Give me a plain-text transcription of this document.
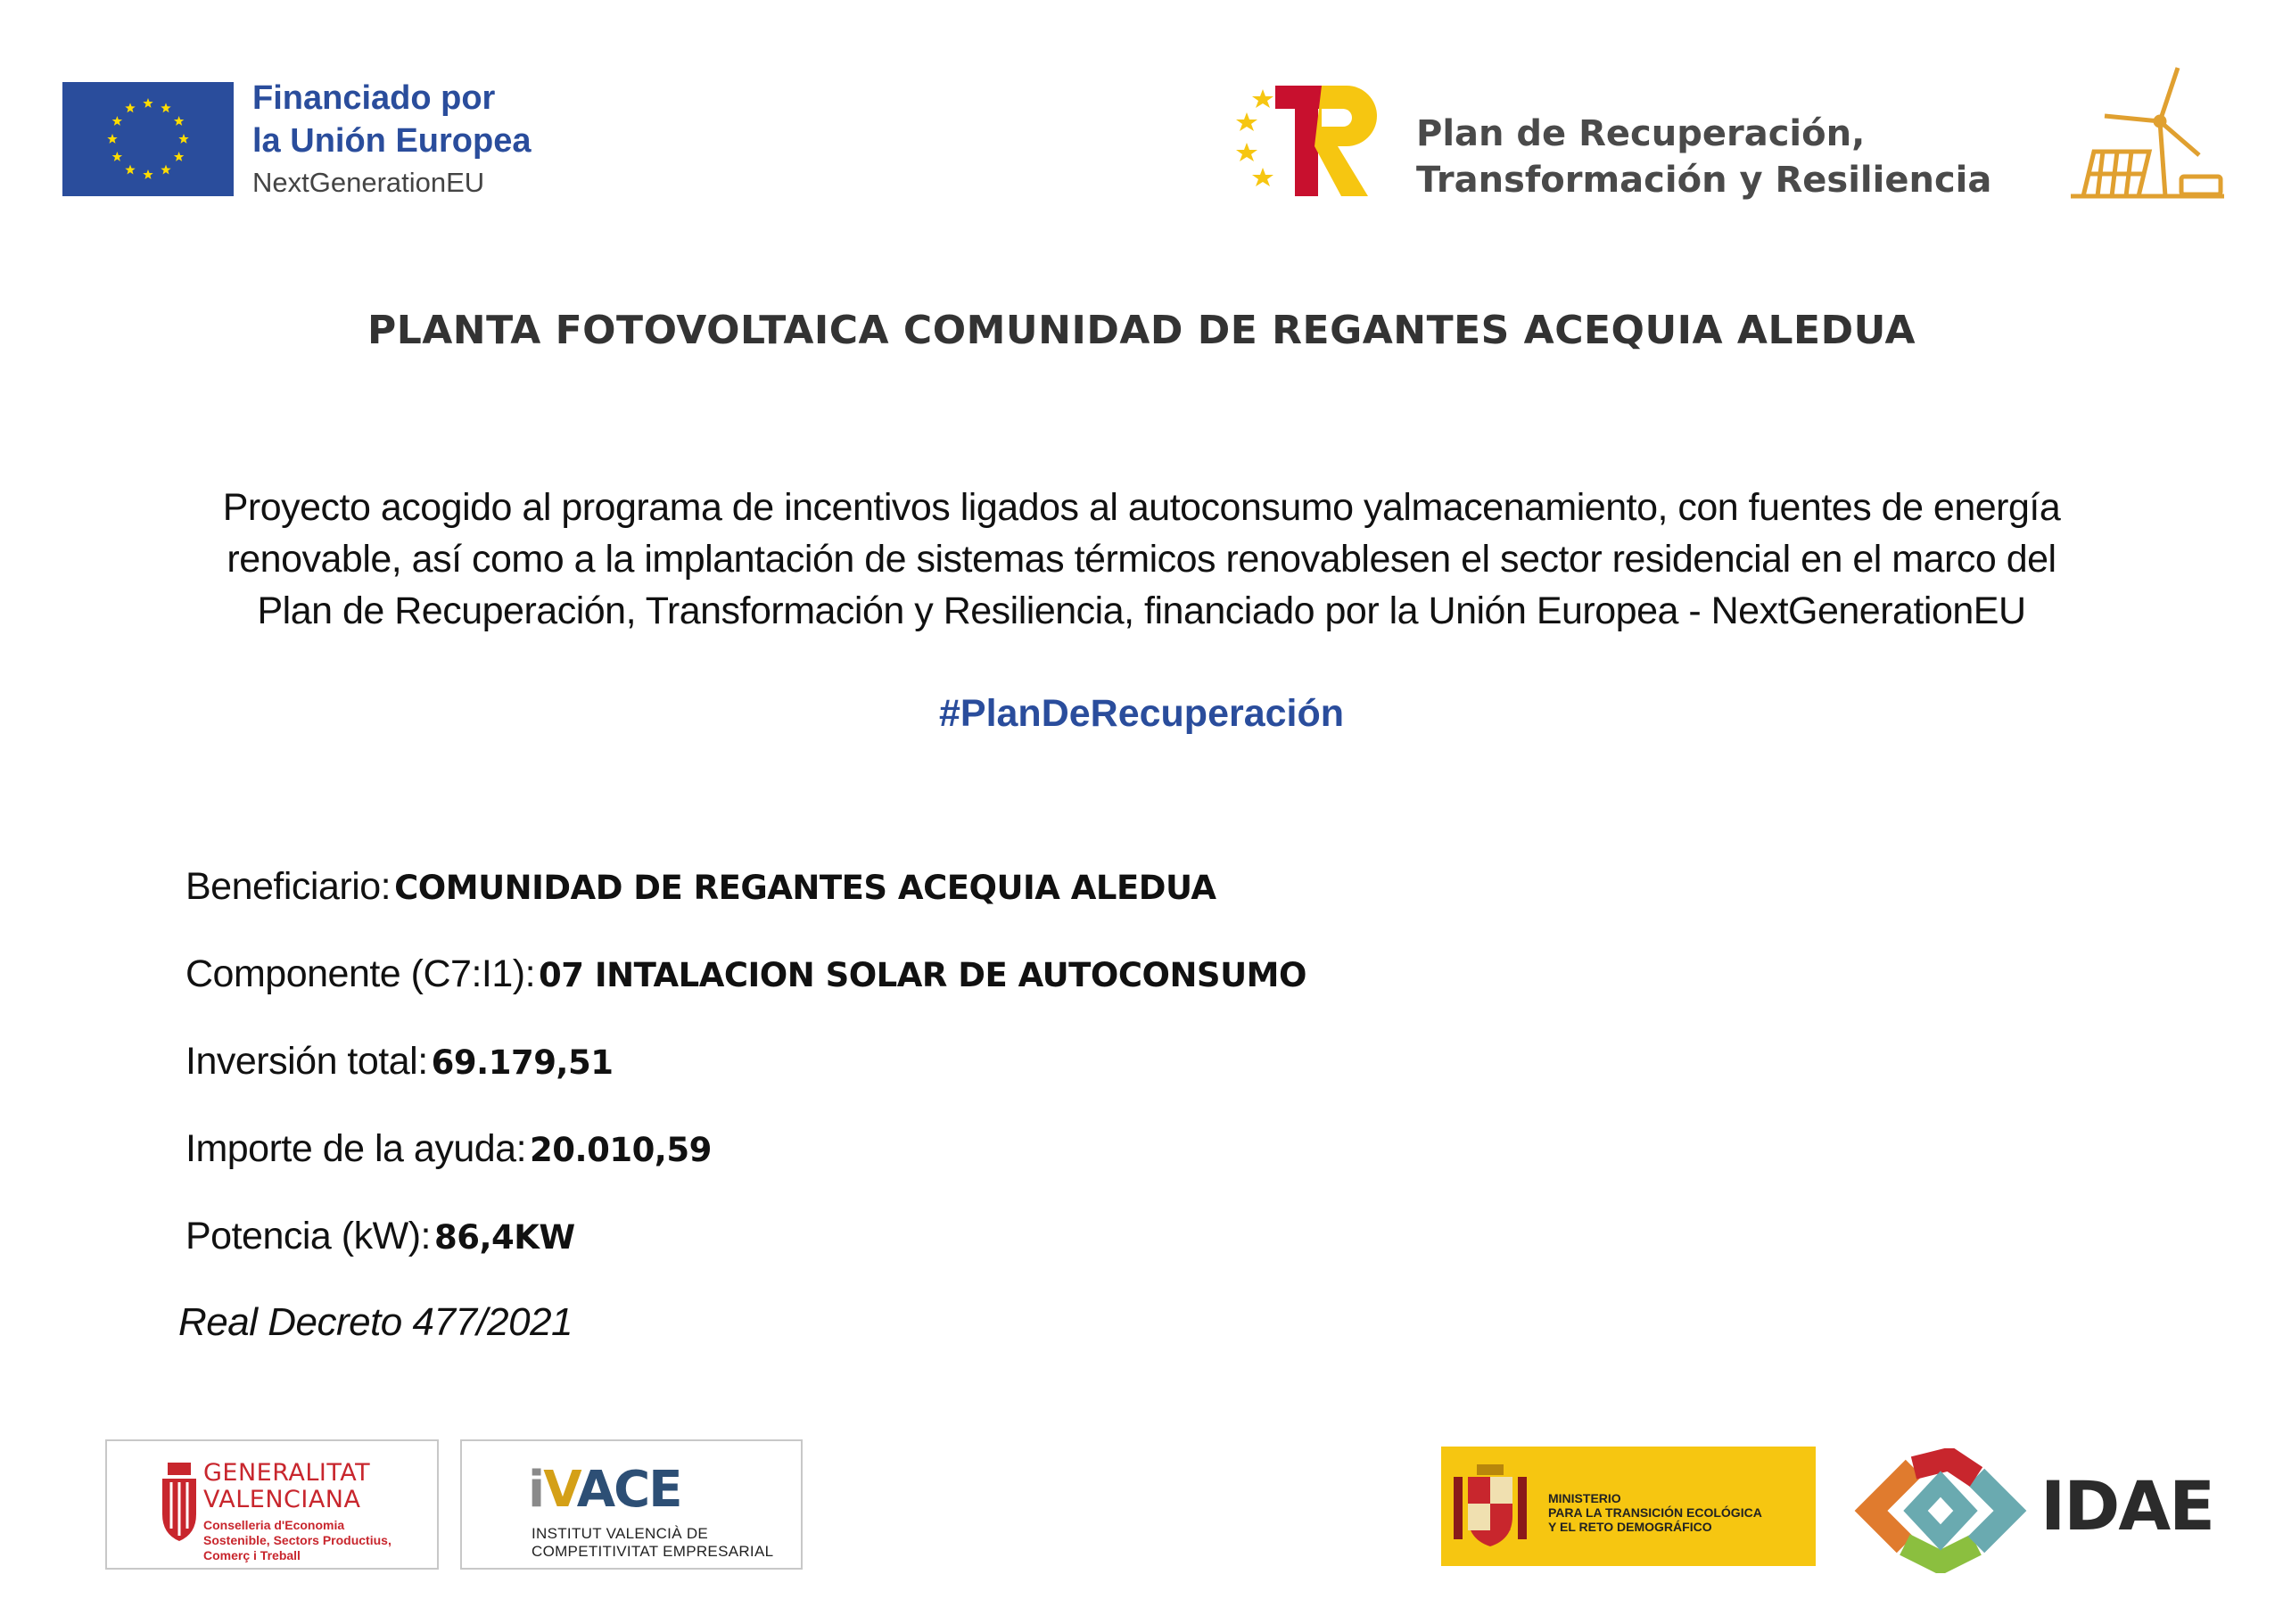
Financiado por
la Unión Europea
NextGenerationEU
Plan de Recuperación,
Transformación y Resiliencia
PLANTA FOTOVOLTAICA COMUNIDAD DE REGANTES ACEQUIA ALEDUA
Proyecto acogido al programa de incentivos ligados al autoconsumo yalmacenamiento, con fuentes de energía
renovable, así como a la implantación de sistemas térmicos renovablesen el sector residencial en el marco del
Plan de Recuperación, Transformación y Resiliencia, financiado por la Unión Europea - NextGenerationEU
#PlanDeRecuperación
Beneficiario: COMUNIDAD DE REGANTES ACEQUIA ALEDUA
Componente (C7:I1): 07 INTALACION SOLAR DE AUTOCONSUMO
Inversión total: 69.179,51
Importe de la ayuda: 20.010,59
Potencia (kW): 86,4KW
Real Decreto 477/2021
GENERALITAT
VALENCIANA
Conselleria d'Economia
Sostenible, Sectors Productius,
Comerç i Treball
iVACE
INSTITUT VALENCIÀ DE
COMPETITIVITAT EMPRESARIAL
MINISTERIO
PARA LA TRANSICIÓN ECOLÓGICA
Y EL RETO DEMOGRÁFICO	IDAE
